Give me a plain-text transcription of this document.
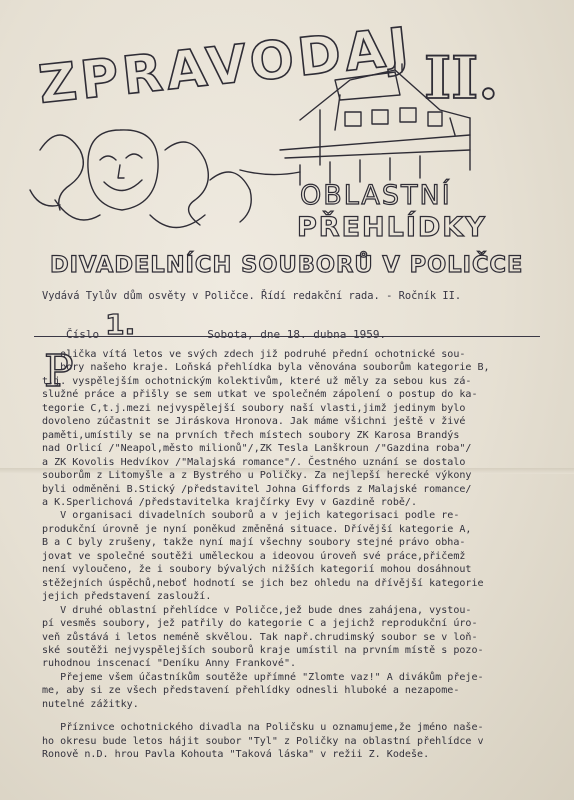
ZPRAVODAJ II.
OBLASTNÍ
PŘEHLÍDKY
DIVADELNÍCH SOUBORŮ V POLIČCE
Vydává Tylův dům osvěty v Poličce. Řídí redakční rada. - Ročník II.
Číslo 1.	Sobota, dne 18. dubna 1959.
P

olička vítá letos ve svých zdech již podruhé přední ochotnické sou-

bory našeho kraje. Loňská přehlídka byla věnována souborům kategorie B,

t.j. vyspělejším ochotnickým kolektivům, které už měly za sebou kus zá-

služné práce a přišly se sem utkat ve společném zápolení o postup do ka-

tegorie C,t.j.mezi nejvyspělejší soubory naší vlasti,jimž jedinym bylo

dovoleno zúčastnit se Jiráskova Hronova. Jak máme všichni ještě v živé

paměti,umístily se na prvních třech místech soubory ZK Karosa Brandýs

nad Orlicí /"Neapol,město milionů"/,ZK Tesla Lanškroun /"Gazdina roba"/

a ZK Kovolis Hedvíkov /"Malajská romance"/. Čestného uznání se dostalo

souborům z Litomyšle a z Bystrého u Poličky. Za nejlepší herecké výkony

byli odměněni B.Stický /představitel Johna Giffords z Malajské romance/

a K.Sperlichová /představitelka krajčírky Evy v Gazdině robě/.

V organisaci divadelních souborů a v jejich kategorisaci podle re-

produkční úrovně je nyní poněkud změněná situace. Dřívější kategorie A,

B a C byly zrušeny, takže nyní mají všechny soubory stejné právo obha-

jovat ve společné soutěži uměleckou a ideovou úroveň své práce,přičemž

není vyloučeno, že i soubory bývalých nižších kategorií mohou dosáhnout

stěžejních úspěchů,neboť hodnotí se jich bez ohledu na dřívější kategorie

jejich představení zaslouží.

V druhé oblastní přehlídce v Poličce,jež bude dnes zahájena, vystou-

pí vesměs soubory, jež patřily do kategorie C a jejichž reprodukční úro-

veň zůstává i letos neméně skvělou. Tak např.chrudimský soubor se v loň-

ské soutěži nejvyspělejších souborů kraje umístil na prvním místě s pozo-

ruhodnou inscenací "Deníku Anny Frankové".

Přejeme všem účastníkům soutěže upřímné "Zlomte vaz!" A divákům přeje-

me, aby si ze všech představení přehlídky odnesli hluboké a nezapome-

nutelné zážitky.

Příznivce ochotnického divadla na Poličsku u oznamujeme,že jméno naše-

ho okresu bude letos hájit soubor "Tyl" z Poličky na oblastní přehlídce v

Ronově n.D. hrou Pavla Kohouta "Taková láska" v režii Z. Kodeše.
